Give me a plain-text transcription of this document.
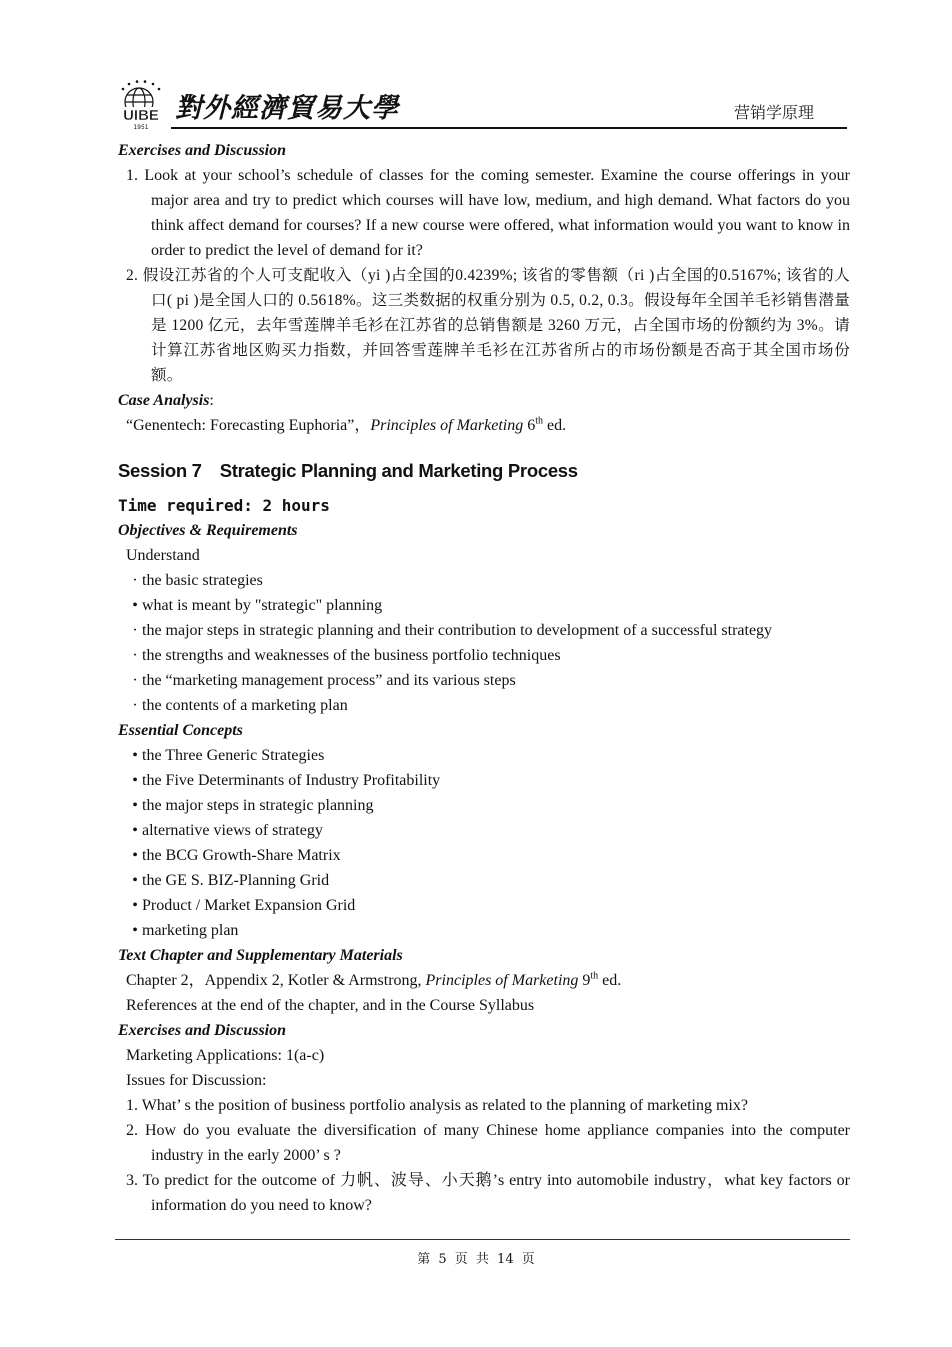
UIBE
1951
對外經濟貿易大學	营销学原理
Exercises and Discussion
1. Look at your school’s schedule of classes for the coming semester. Examine the course offerings in your major area and try to predict which courses will have low, medium, and high demand. What factors do you think affect demand for courses? If a new course were offered, what information would you want to know in order to predict the level of demand for it?
2. 假设江苏省的个人可支配收入（yi )占全国的0.4239%; 该省的零售额（ri )占全国的0.5167%; 该省的人口( pi )是全国人口的 0.5618%。这三类数据的权重分别为 0.5, 0.2, 0.3。假设每年全国羊毛衫销售潜量是 1200 亿元，去年雪莲牌羊毛衫在江苏省的总销售额是 3260 万元，占全国市场的份额约为 3%。请计算江苏省地区购买力指数，并回答雪莲牌羊毛衫在江苏省所占的市场份额是否高于其全国市场份额。
Case Analysis:
“Genentech: Forecasting Euphoria”，Principles of Marketing 6th ed.
Session 7 Strategic Planning and Marketing Process
Time required: 2 hours
Objectives & Requirements
Understand
· the basic strategies
• what is meant by "strategic" planning
· the major steps in strategic planning and their contribution to development of a successful strategy
· the strengths and weaknesses of the business portfolio techniques
· the “marketing management process” and its various steps
· the contents of a marketing plan
Essential Concepts
• the Three Generic Strategies
• the Five Determinants of Industry Profitability
• the major steps in strategic planning
• alternative views of strategy
• the BCG Growth-Share Matrix
• the GE S. BIZ-Planning Grid
• Product / Market Expansion Grid
• marketing plan
Text Chapter and Supplementary Materials
Chapter 2，Appendix 2, Kotler & Armstrong, Principles of Marketing 9th ed.
References at the end of the chapter, and in the Course Syllabus
Exercises and Discussion
Marketing Applications: 1(a-c)
Issues for Discussion:
1. What’ s the position of business portfolio analysis as related to the planning of marketing mix?
2. How do you evaluate the diversification of many Chinese home appliance companies into the computer industry in the early 2000’ s ?
3. To predict for the outcome of 力帆、波导、小天鹅’s entry into automobile industry，what key factors or information do you need to know?
第 5 页 共 14 页
